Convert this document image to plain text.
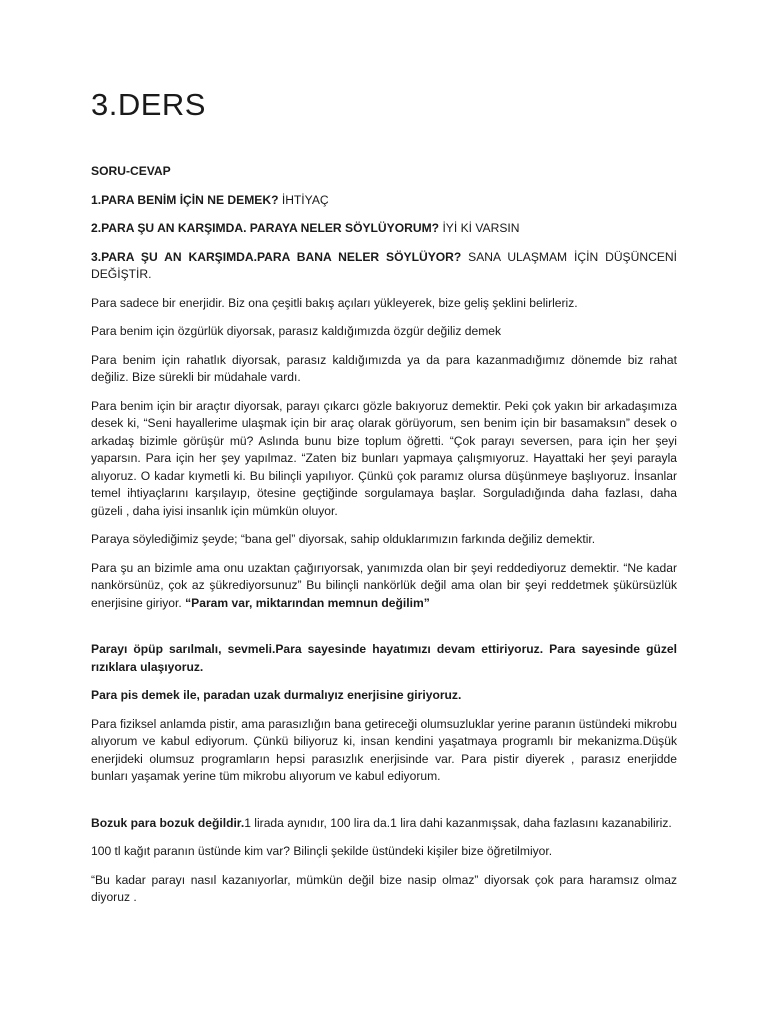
3.DERS

SORU-CEVAP

1.PARA BENİM İÇİN NE DEMEK? İHTİYAÇ

2.PARA ŞU AN KARŞIMDA. PARAYA NELER SÖYLÜYORUM? İYİ Kİ VARSIN

3.PARA ŞU AN KARŞIMDA.PARA BANA NELER SÖYLÜYOR? SANA ULAŞMAM İÇİN DÜŞÜNCENİ DEĞİŞTİR.

Para sadece bir enerjidir. Biz ona çeşitli bakış açıları yükleyerek, bize geliş şeklini belirleriz.

Para benim için özgürlük diyorsak, parasız kaldığımızda özgür değiliz demek

Para benim için rahatlık diyorsak, parasız kaldığımızda ya da para kazanmadığımız dönemde biz rahat değiliz. Bize sürekli bir müdahale vardı.

Para benim için bir araçtır diyorsak, parayı çıkarcı gözle bakıyoruz demektir. Peki çok yakın bir arkadaşımıza desek ki, “Seni hayallerime ulaşmak için bir araç olarak görüyorum, sen benim için bir basamaksın” desek o arkadaş bizimle görüşür mü? Aslında bunu bize toplum öğretti. “Çok parayı seversen, para için her şeyi yaparsın. Para için her şey yapılmaz. “Zaten biz bunları yapmaya çalışmıyoruz. Hayattaki her şeyi parayla alıyoruz. O kadar kıymetli ki. Bu bilinçli yapılıyor. Çünkü çok paramız olursa düşünmeye başlıyoruz. İnsanlar temel ihtiyaçlarını karşılayıp, ötesine geçtiğinde sorgulamaya başlar. Sorguladığında daha fazlası, daha güzeli , daha iyisi insanlık için mümkün oluyor.

Paraya söylediğimiz şeyde; “bana gel” diyorsak, sahip olduklarımızın farkında değiliz demektir.

Para şu an bizimle ama onu uzaktan çağırıyorsak, yanımızda olan bir şeyi reddediyoruz demektir. “Ne kadar nankörsünüz, çok az şükrediyorsunuz” Bu bilinçli nankörlük değil ama olan bir şeyi reddetmek şükürsüzlük enerjisine giriyor. “Param var, miktarından memnun değilim”

Parayı öpüp sarılmalı, sevmeli.Para sayesinde hayatımızı devam ettiriyoruz. Para sayesinde güzel rızıklara ulaşıyoruz.

Para pis demek ile, paradan uzak durmalıyız enerjisine giriyoruz.

Para fiziksel anlamda pistir, ama parasızlığın bana getireceği olumsuzluklar yerine paranın üstündeki mikrobu alıyorum ve kabul ediyorum. Çünkü biliyoruz ki, insan kendini yaşatmaya programlı bir mekanizma.Düşük enerjideki olumsuz programların hepsi parasızlık enerjisinde var. Para pistir diyerek , parasız enerjidde bunları yaşamak yerine tüm mikrobu alıyorum ve kabul ediyorum.

Bozuk para bozuk değildir.1 lirada aynıdır, 100 lira da.1 lira dahi kazanmışsak, daha fazlasını kazanabiliriz.

100 tl kağıt paranın üstünde kim var? Bilinçli şekilde üstündeki kişiler bize öğretilmiyor.

“Bu kadar parayı nasıl kazanıyorlar, mümkün değil bize nasip olmaz” diyorsak çok para haramsız olmaz diyoruz .
